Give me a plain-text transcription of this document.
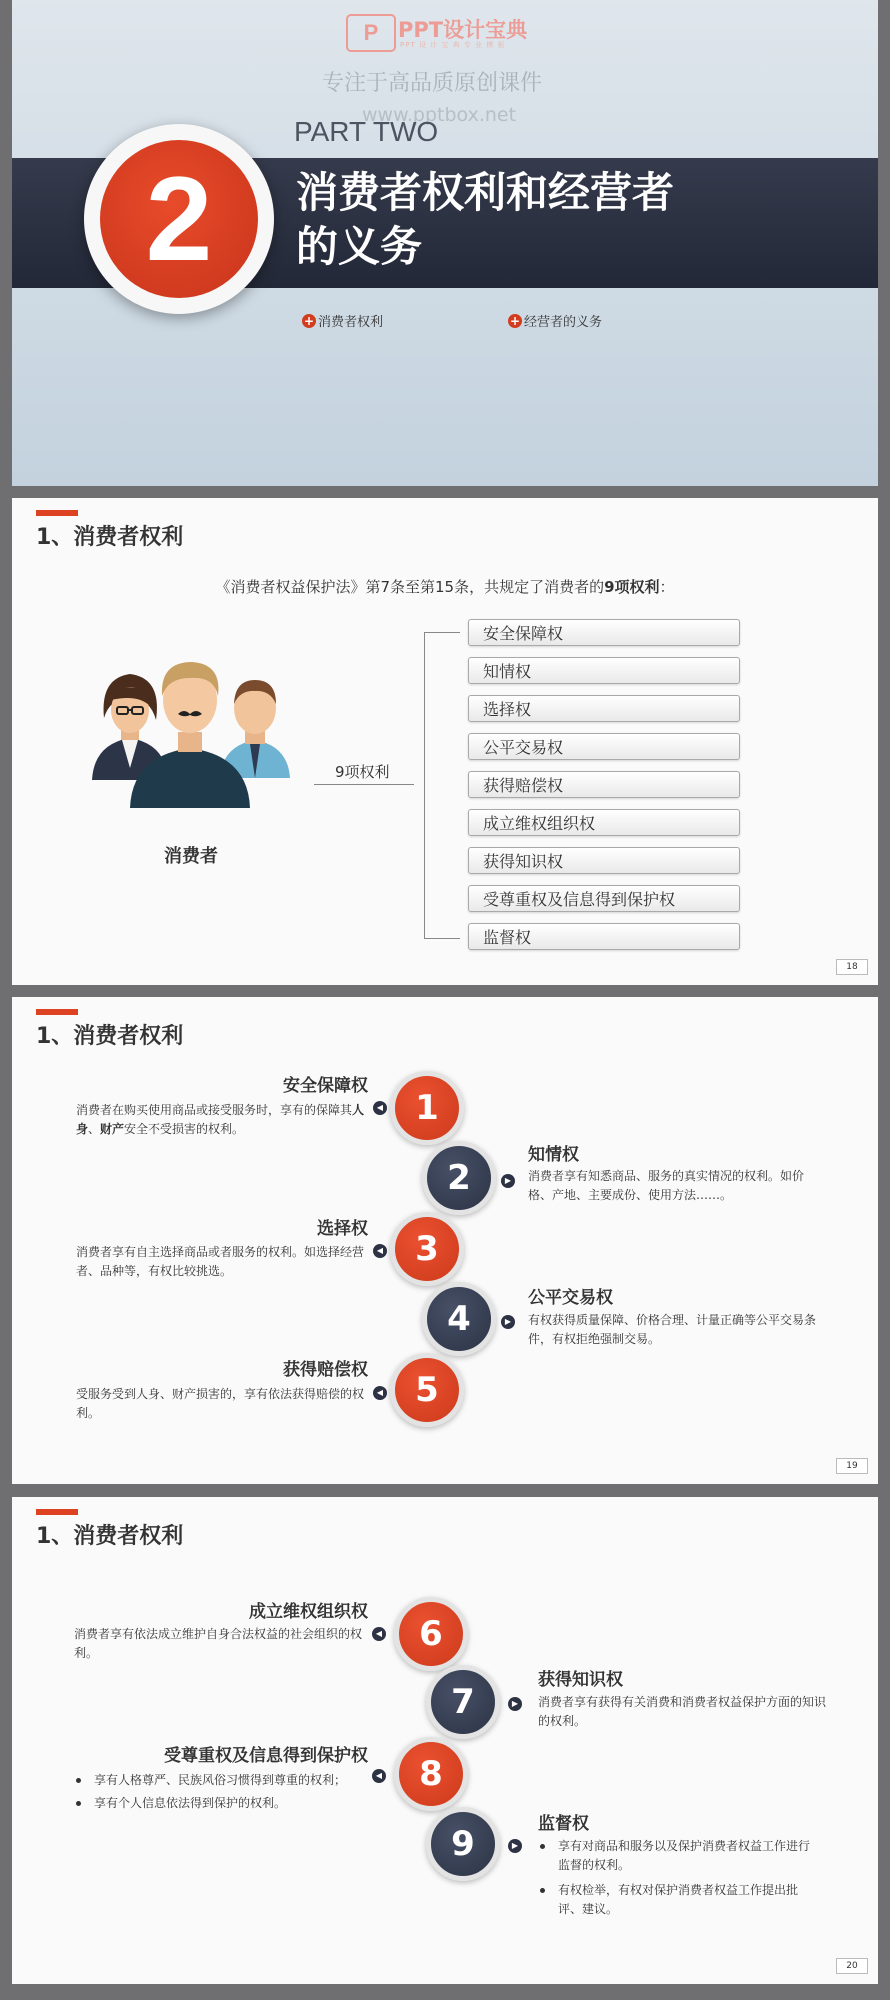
P PPT设计宝典
PPT 设 计 宝 典 专 业 模 板
专注于高品质原创课件
www.pptbox.net
PART TWO
2	消费者权利和经营者
的义务
+ 消费者权利	+ 经营者的义务
1、消费者权利
《消费者权益保护法》第7条至第15条，共规定了消费者的9项权利：
消费者
9项权利
安全保障权
知情权
选择权
公平交易权
获得赔偿权
成立维权组织权
获得知识权
受尊重权及信息得到保护权
监督权
18
1、消费者权利
安全保障权
消费者在购买使用商品或接受服务时，享有的保障其人身、财产安全不受损害的权利。
◀ 1
2	▶
知情权
消费者享有知悉商品、服务的真实情况的权利。如价格、产地、主要成份、使用方法……。
选择权
消费者享有自主选择商品或者服务的权利。如选择经营者、品种等，有权比较挑选。
◀ 3
4	▶
公平交易权
有权获得质量保障、价格合理、计量正确等公平交易条件，有权拒绝强制交易。
获得赔偿权
受服务受到人身、财产损害的，享有依法获得赔偿的权利。
◀ 5
19
1、消费者权利
成立维权组织权
消费者享有依法成立维护自身合法权益的社会组织的权利。
◀	6
7	▶
获得知识权
消费者享有获得有关消费和消费者权益保护方面的知识的权利。
受尊重权及信息得到保护权
享有人格尊严、民族风俗习惯得到尊重的权利；
享有个人信息依法得到保护的权利。
◀	8
9	▶
监督权
享有对商品和服务以及保护消费者权益工作进行监督的权利。
有权检举，有权对保护消费者权益工作提出批评、建议。
20
